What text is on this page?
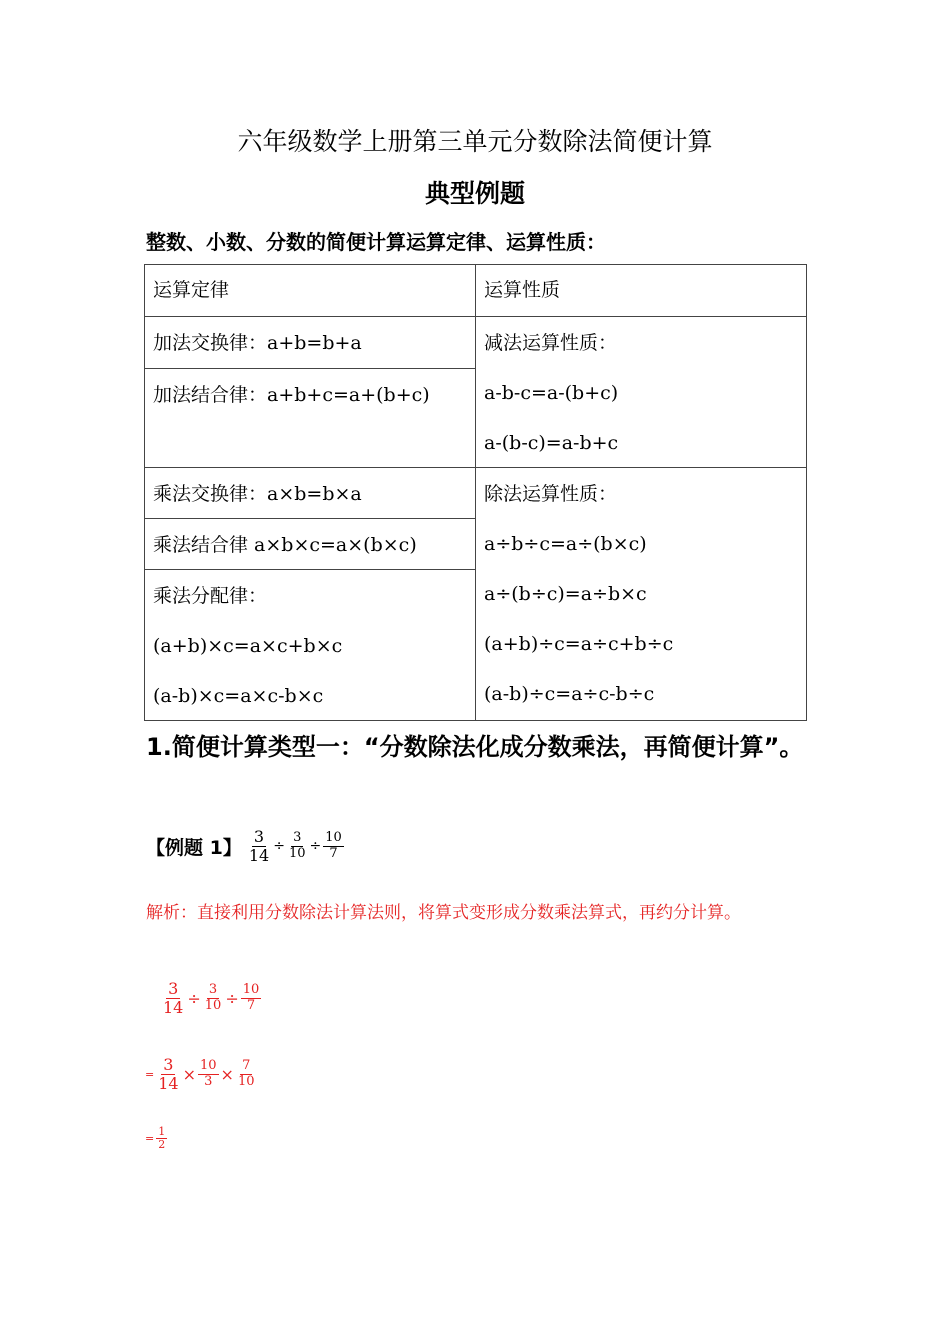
六年级数学上册第三单元分数除法简便计算
典型例题
整数、小数、分数的简便计算运算定律、运算性质：
运算定律	运算性质

加法交换律：a+b=b+a	减法运算性质：
a-b-c=a-(b+c)
a-(b-c)=a-b+c

加法结合律：a+b+c=a+(b+c)	

乘法交换律：a×b=b×a	除法运算性质：
a÷b÷c=a÷(b×c)
a÷(b÷c)=a÷b×c
(a+b)÷c=a÷c+b÷c
(a-b)÷c=a÷c-b÷c

乘法结合律 a×b×c=a×(b×c)	

乘法分配律：
(a+b)×c=a×c+b×c
(a-b)×c=a×c-b×c	
1.简便计算类型一：“分数除法化成分数乘法，再简便计算”。
【例题 1】 $\frac{3}{14} \div \frac{3}{10} \div \frac{10}{7}$
解析：直接利用分数除法计算法则，将算式变形成分数乘法算式，再约分计算。
$\frac{3}{14} \div \frac{3}{10} \div \frac{10}{7}$
= $\frac{3}{14} \times \frac{10}{3} \times \frac{7}{10}$
= $\frac{1}{2}$
